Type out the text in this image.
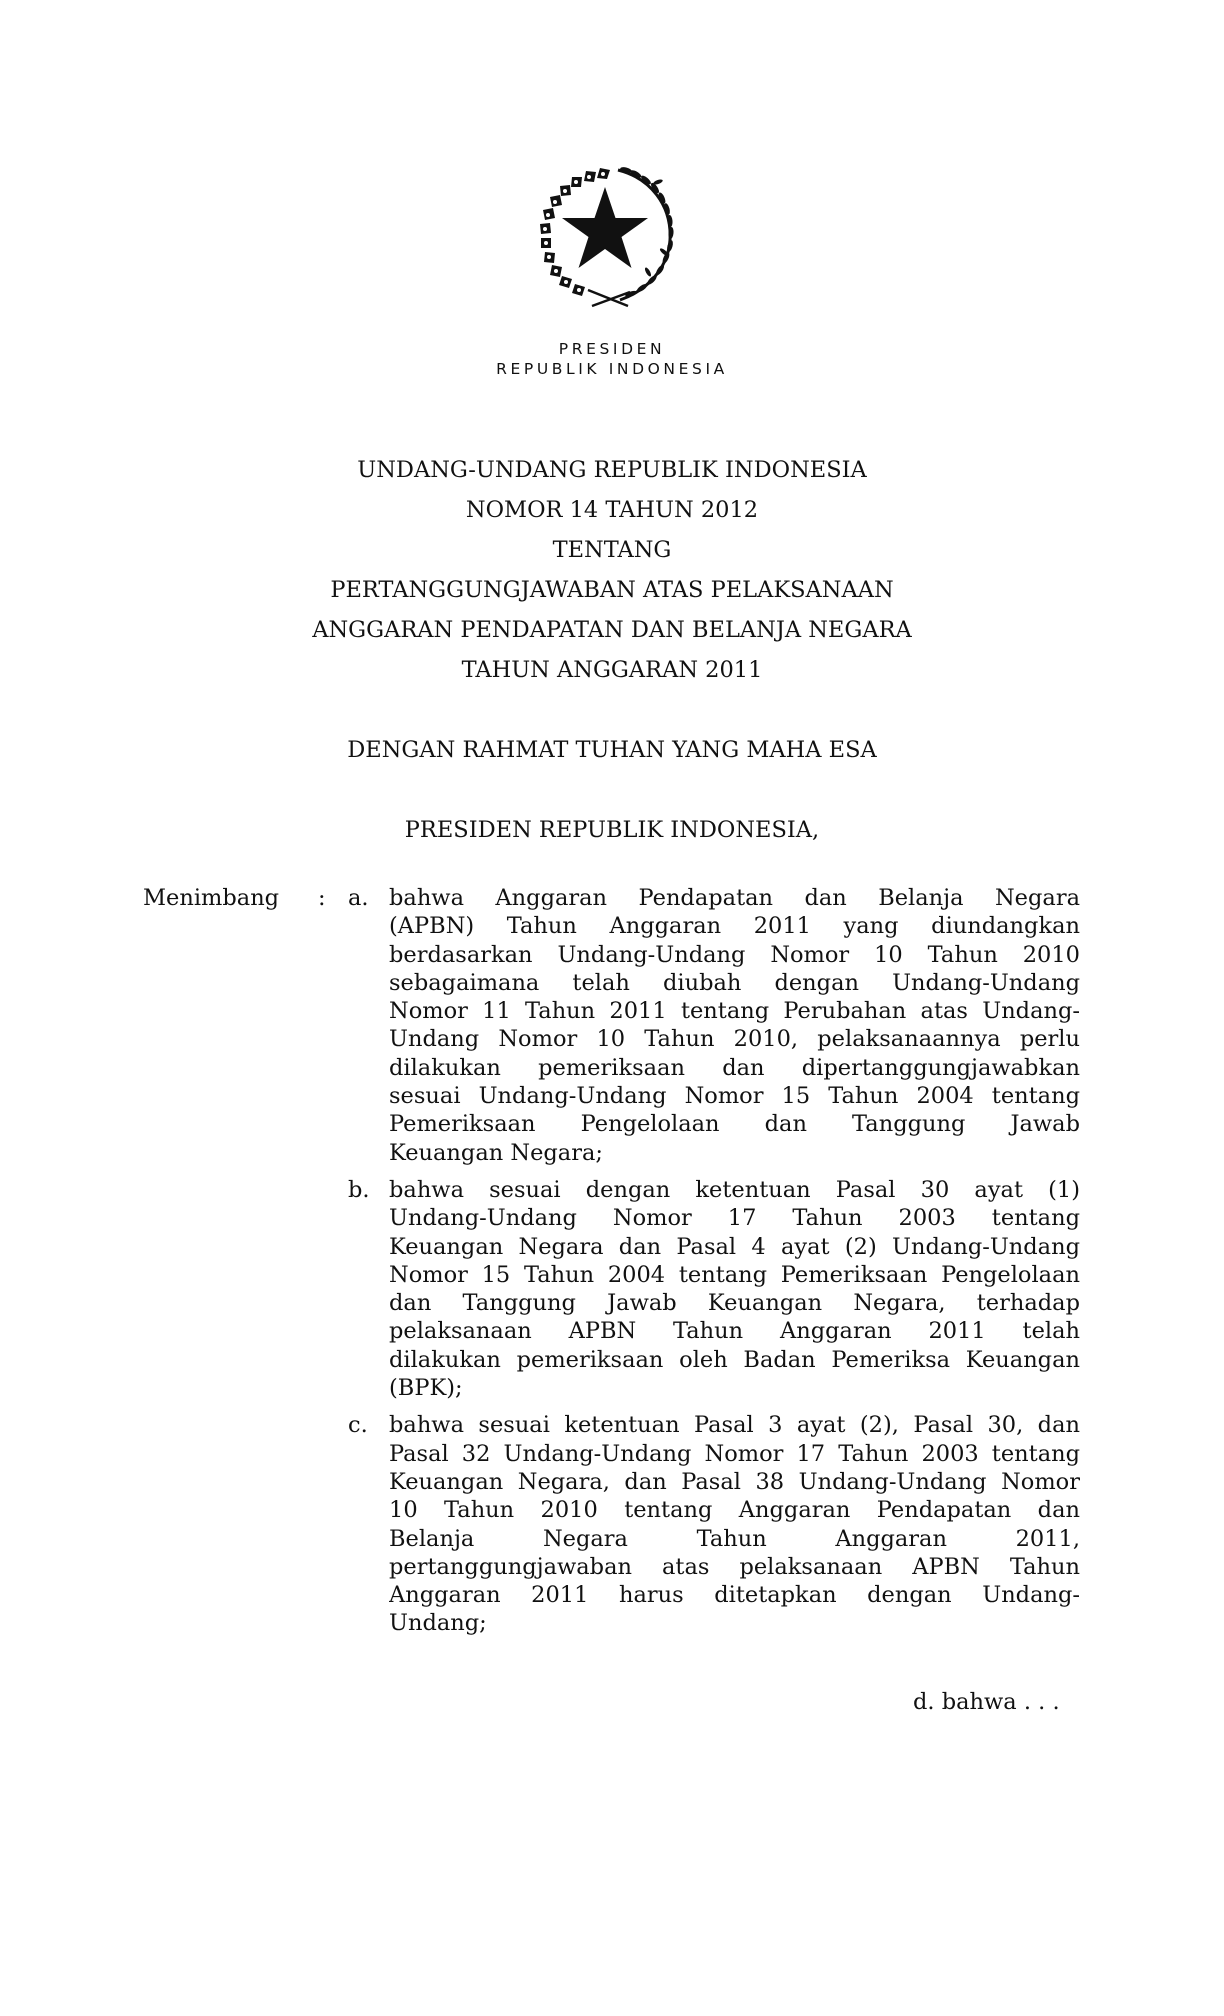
PRESIDEN
REPUBLIK INDONESIA
UNDANG-UNDANG REPUBLIK INDONESIA
NOMOR 14 TAHUN 2012
TENTANG
PERTANGGUNGJAWABAN ATAS PELAKSANAAN
ANGGARAN PENDAPATAN DAN BELANJA NEGARA
TAHUN ANGGARAN 2011
DENGAN RAHMAT TUHAN YANG MAHA ESA
PRESIDEN REPUBLIK INDONESIA,
Menimbang : a. bahwa Anggaran Pendapatan dan Belanja Negara
(APBN) Tahun Anggaran 2011 yang diundangkan
berdasarkan Undang-Undang Nomor 10 Tahun 2010
sebagaimana telah diubah dengan Undang-Undang
Nomor 11 Tahun 2011 tentang Perubahan atas Undang-
Undang Nomor 10 Tahun 2010, pelaksanaannya perlu
dilakukan pemeriksaan dan dipertanggungjawabkan
sesuai Undang-Undang Nomor 15 Tahun 2004 tentang
Pemeriksaan Pengelolaan dan Tanggung Jawab
Keuangan Negara;
b. bahwa sesuai dengan ketentuan Pasal 30 ayat (1)
Undang-Undang Nomor 17 Tahun 2003 tentang
Keuangan Negara dan Pasal 4 ayat (2) Undang-Undang
Nomor 15 Tahun 2004 tentang Pemeriksaan Pengelolaan
dan Tanggung Jawab Keuangan Negara, terhadap
pelaksanaan APBN Tahun Anggaran 2011 telah
dilakukan pemeriksaan oleh Badan Pemeriksa Keuangan
(BPK);
c. bahwa sesuai ketentuan Pasal 3 ayat (2), Pasal 30, dan
Pasal 32 Undang-Undang Nomor 17 Tahun 2003 tentang
Keuangan Negara, dan Pasal 38 Undang-Undang Nomor
10 Tahun 2010 tentang Anggaran Pendapatan dan
Belanja Negara Tahun Anggaran 2011,
pertanggungjawaban atas pelaksanaan APBN Tahun
Anggaran 2011 harus ditetapkan dengan Undang-
Undang;
d. bahwa . . .
